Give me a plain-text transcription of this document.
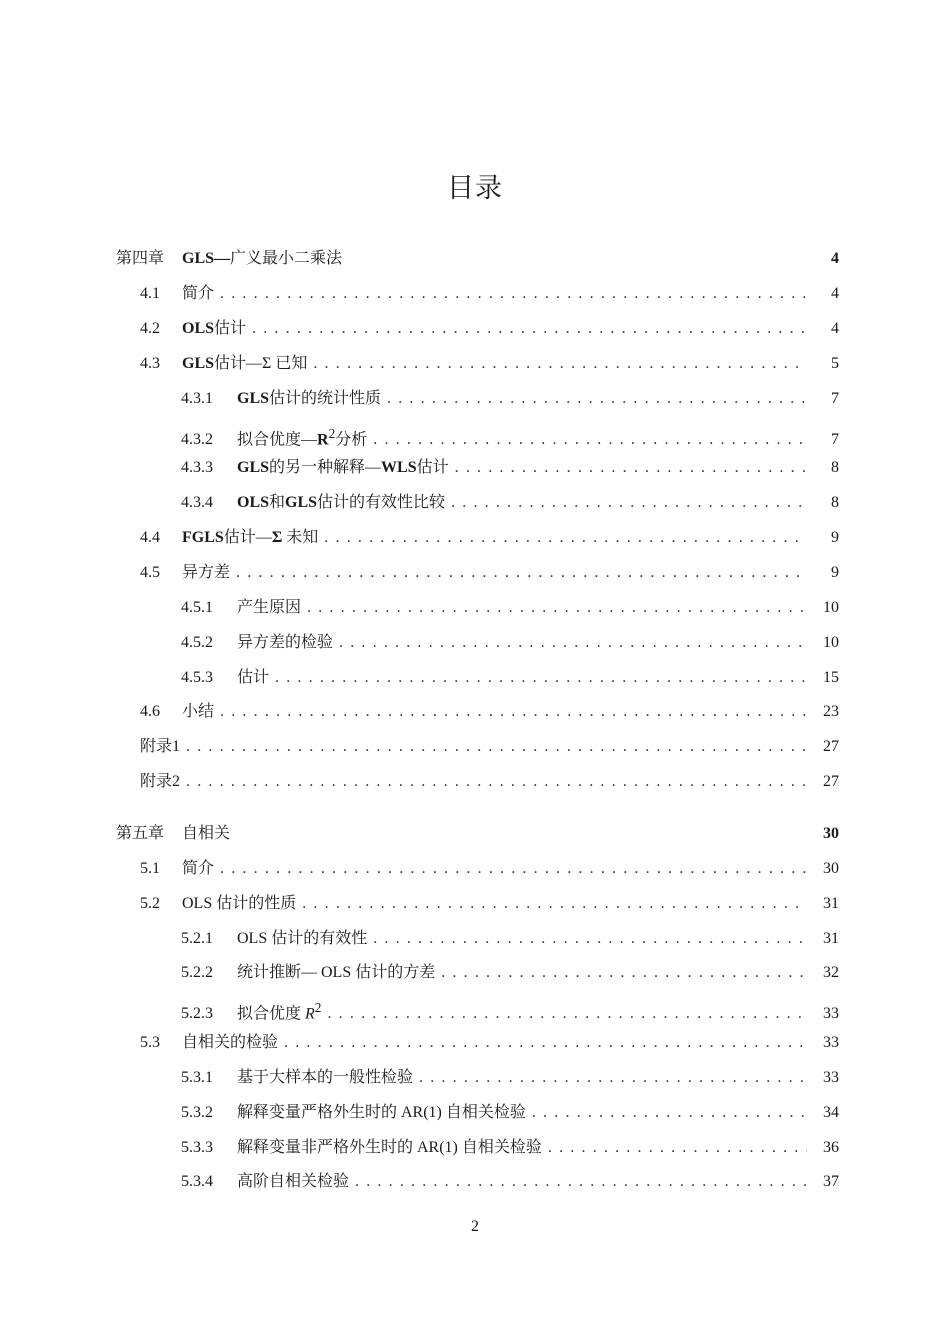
目录
第四章	GLS—广义最小二乘法	4
4.1	简介 . . .	4
4.2	OLS估计 . . .	4
4.3	GLS估计—Σ 已知 . . .	5
4.3.1	GLS估计的统计性质 . . .	7
4.3.2	拟合优度$—R^2$分析 . . .	7
4.3.3	GLS的另一种解释—WLS估计 . . .	8
4.3.4	OLS和GLS估计的有效性比较 . . .	8
4.4	FGLS估计—Σ 未知 . . .	9
4.5	异方差 . . .	9
4.5.1	产生原因 . . .	10
4.5.2	异方差的检验 . . .	10
4.5.3	估计 . . .	15
4.6	小结 . . .	23
附录1 . . .	27
附录2 . . .	27
第五章	自相关	30
5.1	简介 . . .	30
5.2	OLS 估计的性质 . . .	31
5.2.1	OLS 估计的有效性 . . .	31
5.2.2	统计推断— OLS 估计的方差 . . .	32
5.2.3	拟合优度 $R^2$ . . .	33
5.3	自相关的检验 . . .	33
5.3.1	基于大样本的一般性检验 . . .	33
5.3.2	解释变量严格外生时的 AR(1) 自相关检验 . . .	34
5.3.3	解释变量非严格外生时的 AR(1) 自相关检验 . . .	36
5.3.4	高阶自相关检验 . . .	37
2
